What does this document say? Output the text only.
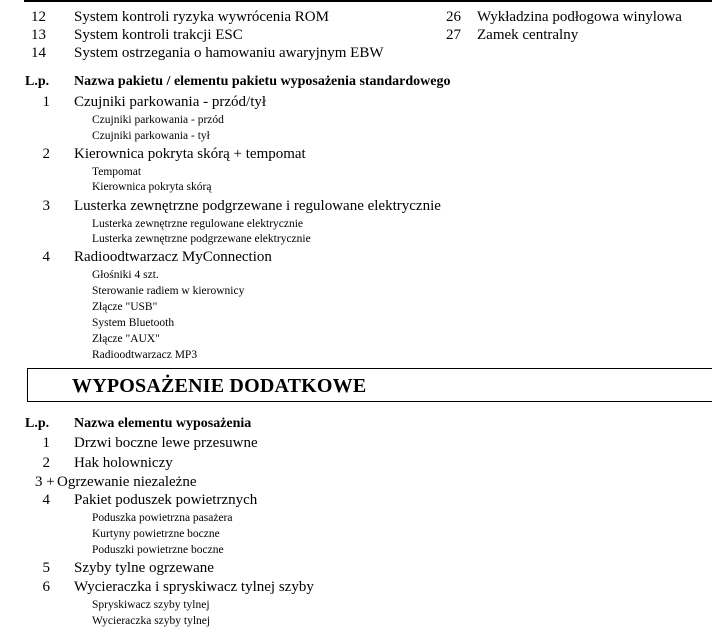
12 System kontroli ryzyka wywrócenia ROM
13 System kontroli trakcji ESC
14 System ostrzegania o hamowaniu awaryjnym EBW
26 Wykładzina podłogowa winylowa
27 Zamek centralny
L.p. Nazwa pakietu / elementu pakietu wyposażenia standardowego
1 Czujniki parkowania - przód/tył
Czujniki parkowania - przód
Czujniki parkowania - tył
2 Kierownica pokryta skórą + tempomat
Tempomat
Kierownica pokryta skórą
3 Lusterka zewnętrzne podgrzewane i regulowane elektrycznie
Lusterka zewnętrzne regulowane elektrycznie
Lusterka zewnętrzne podgrzewane elektrycznie
4 Radioodtwarzacz MyConnection
Głośniki 4 szt.
Sterowanie radiem w kierownicy
Złącze "USB"
System Bluetooth
Złącze "AUX"
Radioodtwarzacz MP3
WYPOSAŻENIE DODATKOWE
L.p. Nazwa elementu wyposażenia
1 Drzwi boczne lewe przesuwne
2 Hak holowniczy
3 + Ogrzewanie niezależne
4 Pakiet poduszek powietrznych
Poduszka powietrzna pasażera
Kurtyny powietrzne boczne
Poduszki powietrzne boczne
5 Szyby tylne ogrzewane
6 Wycieraczka i spryskiwacz tylnej szyby
Spryskiwacz szyby tylnej
Wycieraczka szyby tylnej
